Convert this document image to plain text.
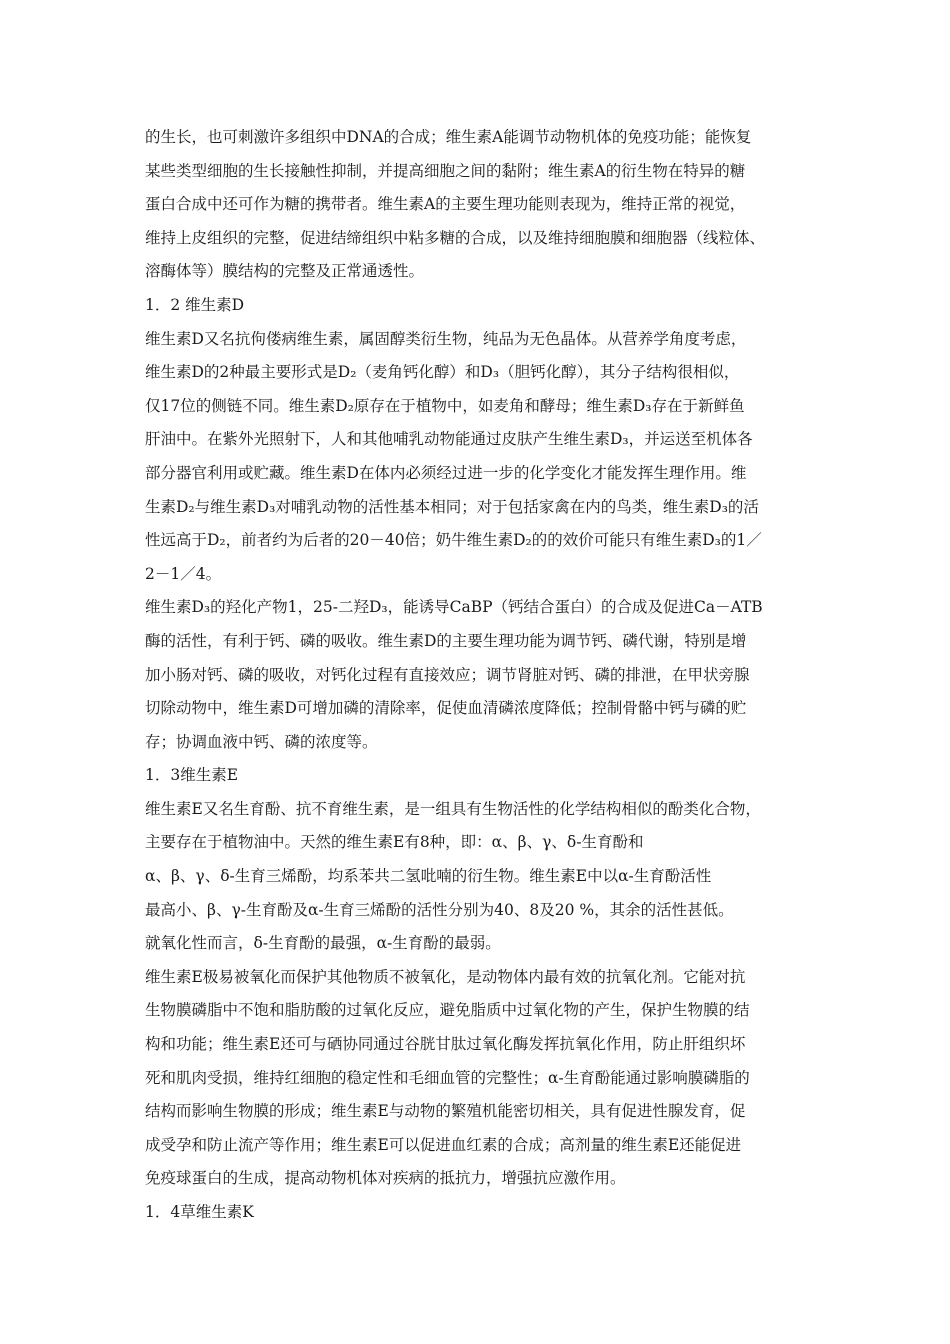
的生长，也可刺激许多组织中DNA的合成；维生素A能调节动物机体的免疫功能；能恢复
某些类型细胞的生长接触性抑制，并提高细胞之间的黏附；维生素A的衍生物在特异的糖
蛋白合成中还可作为糖的携带者。维生素A的主要生理功能则表现为，维持正常的视觉，
维持上皮组织的完整，促进结缔组织中粘多糖的合成，以及维持细胞膜和细胞器（线粒体、
溶酶体等）膜结构的完整及正常通透性。
1．2 维生素D
维生素D又名抗佝偻病维生素，属固醇类衍生物，纯品为无色晶体。从营养学角度考虑，
维生素D的2种最主要形式是D₂（麦角钙化醇）和D₃（胆钙化醇），其分子结构很相似，
仅17位的侧链不同。维生素D₂原存在于植物中，如麦角和酵母；维生素D₃存在于新鲜鱼
肝油中。在紫外光照射下，人和其他哺乳动物能通过皮肤产生维生素D₃，并运送至机体各
部分器官利用或贮藏。维生素D在体内必须经过进一步的化学变化才能发挥生理作用。维
生素D₂与维生素D₃对哺乳动物的活性基本相同；对于包括家禽在内的鸟类，维生素D₃的活
性远高于D₂，前者约为后者的20－40倍；奶牛维生素D₂的的效价可能只有维生素D₃的1／
2－1／4。
维生素D₃的羟化产物1，25-二羟D₃，能诱导CaBP（钙结合蛋白）的合成及促进Ca－ATB
酶的活性，有利于钙、磷的吸收。维生素D的主要生理功能为调节钙、磷代谢，特别是增
加小肠对钙、磷的吸收，对钙化过程有直接效应；调节肾脏对钙、磷的排泄，在甲状旁腺
切除动物中，维生素D可增加磷的清除率，促使血清磷浓度降低；控制骨骼中钙与磷的贮
存；协调血液中钙、磷的浓度等。
1．3维生素E
维生素E又名生育酚、抗不育维生素，是一组具有生物活性的化学结构相似的酚类化合物，
主要存在于植物油中。天然的维生素E有8种，即：α、β、γ、δ-生育酚和
α、β、γ、δ-生育三烯酚，均系苯共二氢吡喃的衍生物。维生素E中以α-生育酚活性
最高小、β、γ-生育酚及α-生育三烯酚的活性分别为40、8及20 %，其余的活性甚低。
就氧化性而言，δ-生育酚的最强，α-生育酚的最弱。
维生素E极易被氧化而保护其他物质不被氧化，是动物体内最有效的抗氧化剂。它能对抗
生物膜磷脂中不饱和脂肪酸的过氧化反应，避免脂质中过氧化物的产生，保护生物膜的结
构和功能；维生素E还可与硒协同通过谷胱甘肽过氧化酶发挥抗氧化作用，防止肝组织坏
死和肌肉受损，维持红细胞的稳定性和毛细血管的完整性；α-生育酚能通过影响膜磷脂的
结构而影响生物膜的形成；维生素E与动物的繁殖机能密切相关，具有促进性腺发育，促
成受孕和防止流产等作用；维生素E可以促进血红素的合成；高剂量的维生素E还能促进
免疫球蛋白的生成，提高动物机体对疾病的抵抗力，增强抗应激作用。
1．4草维生素K
